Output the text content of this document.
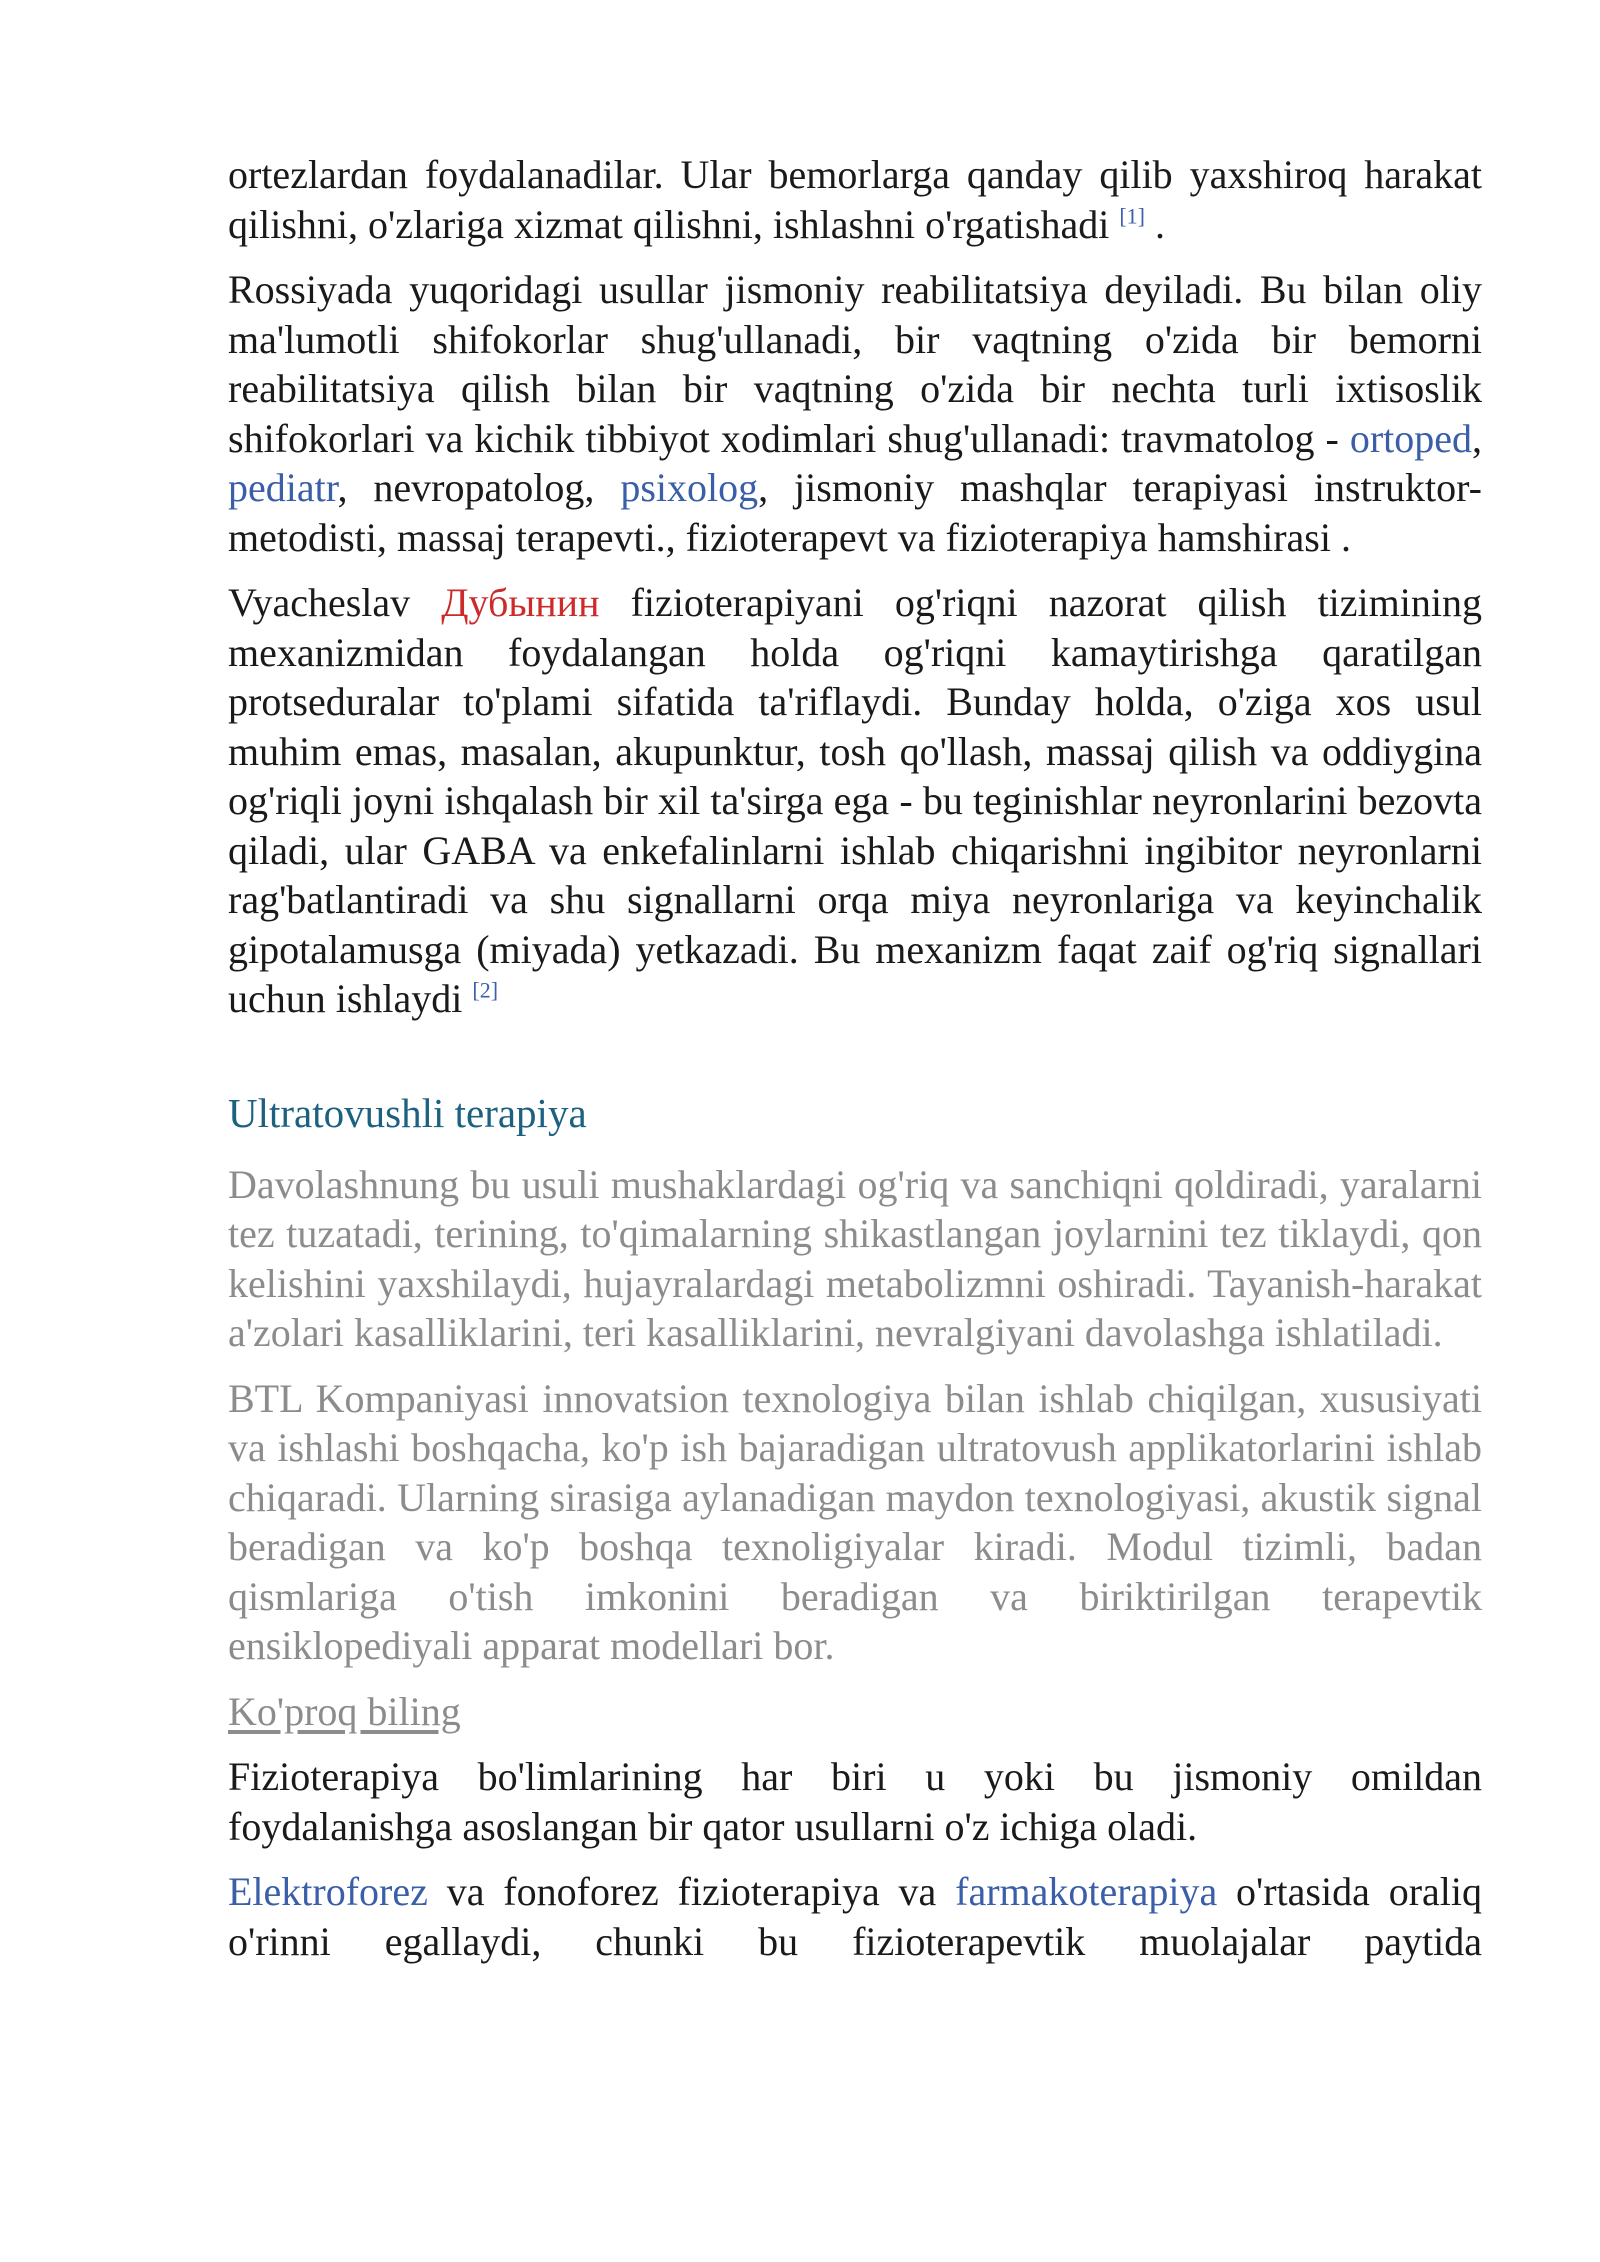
ortezlardan foydalanadilar. Ular bemorlarga qanday qilib yaxshiroq harakat qilishni, o'zlariga xizmat qilishni, ishlashni o'rgatishadi [1] .

Rossiyada yuqoridagi usullar jismoniy reabilitatsiya deyiladi. Bu bilan oliy ma'lumotli shifokorlar shug'ullanadi, bir vaqtning o'zida bir bemorni reabilitatsiya qilish bilan bir vaqtning o'zida bir nechta turli ixtisoslik shifokorlari va kichik tibbiyot xodimlari shug'ullanadi: travmatolog - ortoped, pediatr, nevropatolog, psixolog, jismoniy mashqlar terapiyasi instruktor-metodisti, massaj terapevti., fizioterapevt va fizioterapiya hamshirasi .

Vyacheslav Дубынин fizioterapiyani og'riqni nazorat qilish tizimining mexanizmidan foydalangan holda og'riqni kamaytirishga qaratilgan protseduralar to'plami sifatida ta'riflaydi. Bunday holda, o'ziga xos usul muhim emas, masalan, akupunktur, tosh qo'llash, massaj qilish va oddiygina og'riqli joyni ishqalash bir xil ta'sirga ega - bu teginishlar neyronlarini bezovta qiladi, ular GABA va enkefalinlarni ishlab chiqarishni ingibitor neyronlarni rag'batlantiradi va shu signallarni orqa miya neyronlariga va keyinchalik gipotalamusga (miyada) yetkazadi. Bu mexanizm faqat zaif og'riq signallari uchun ishlaydi [2]

Ultratovushli terapiya

Davolashnung bu usuli mushaklardagi og'riq va sanchiqni qoldiradi, yaralarni tez tuzatadi, terining, to'qimalarning shikastlangan joylarnini tez tiklaydi, qon kelishini yaxshilaydi, hujayralardagi metabolizmni oshiradi. Tayanish-harakat a'zolari kasalliklarini, teri kasalliklarini, nevralgiyani davolashga ishlatiladi.

BTL Kompaniyasi innovatsion texnologiya bilan ishlab chiqilgan, xususiyati va ishlashi boshqacha, ko'p ish bajaradigan ultratovush applikatorlarini ishlab chiqaradi. Ularning sirasiga aylanadigan maydon texnologiyasi, akustik signal beradigan va ko'p boshqa texnoligiyalar kiradi. Modul tizimli, badan qismlariga o'tish imkonini beradigan va biriktirilgan terapevtik ensiklopediyali apparat modellari bor.

Ko'proq biling

Fizioterapiya bo'limlarining har biri u yoki bu jismoniy omildan foydalanishga asoslangan bir qator usullarni o'z ichiga oladi.

Elektroforez va fonoforez fizioterapiya va farmakoterapiya o'rtasida oraliq o'rinni egallaydi, chunki bu fizioterapevtik muolajalar paytida
